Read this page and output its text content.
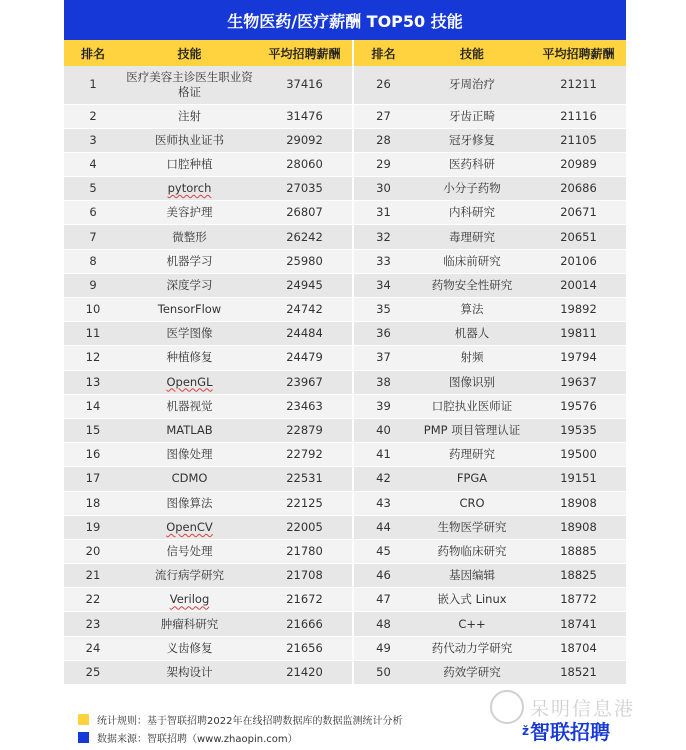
生物医药/医疗薪酬 TOP50 技能
排名	技能	平均招聘薪酬	排名	技能	平均招聘薪酬
1	医疗美容主诊医生职业资格证	37416	26	牙周治疗	21211
2	注射	31476	27	牙齿正畸	21116
3	医师执业证书	29092	28	冠牙修复	21105
4	口腔种植	28060	29	医药科研	20989
5	pytorch	27035	30	小分子药物	20686
6	美容护理	26807	31	内科研究	20671
7	微整形	26242	32	毒理研究	20651
8	机器学习	25980	33	临床前研究	20106
9	深度学习	24945	34	药物安全性研究	20014
10	TensorFlow	24742	35	算法	19892
11	医学图像	24484	36	机器人	19811
12	种植修复	24479	37	射频	19794
13	OpenGL	23967	38	图像识别	19637
14	机器视觉	23463	39	口腔执业医师证	19576
15	MATLAB	22879	40	PMP 项目管理认证	19535
16	图像处理	22792	41	药理研究	19500
17	CDMO	22531	42	FPGA	19151
18	图像算法	22125	43	CRO	18908
19	OpenCV	22005	44	生物医学研究	18908
20	信号处理	21780	45	药物临床研究	18885
21	流行病学研究	21708	46	基因编辑	18825
22	Verilog	21672	47	嵌入式 Linux	18772
23	肿瘤科研究	21666	48	C++	18741
24	义齿修复	21656	49	药代动力学研究	18704
25	架构设计	21420	50	药效学研究	18521
统计规则：基于智联招聘2022年在线招聘数据库的数据监测统计分析
数据来源：智联招聘（www.zhaopin.com）
呆明信息港
ž 智联招聘
